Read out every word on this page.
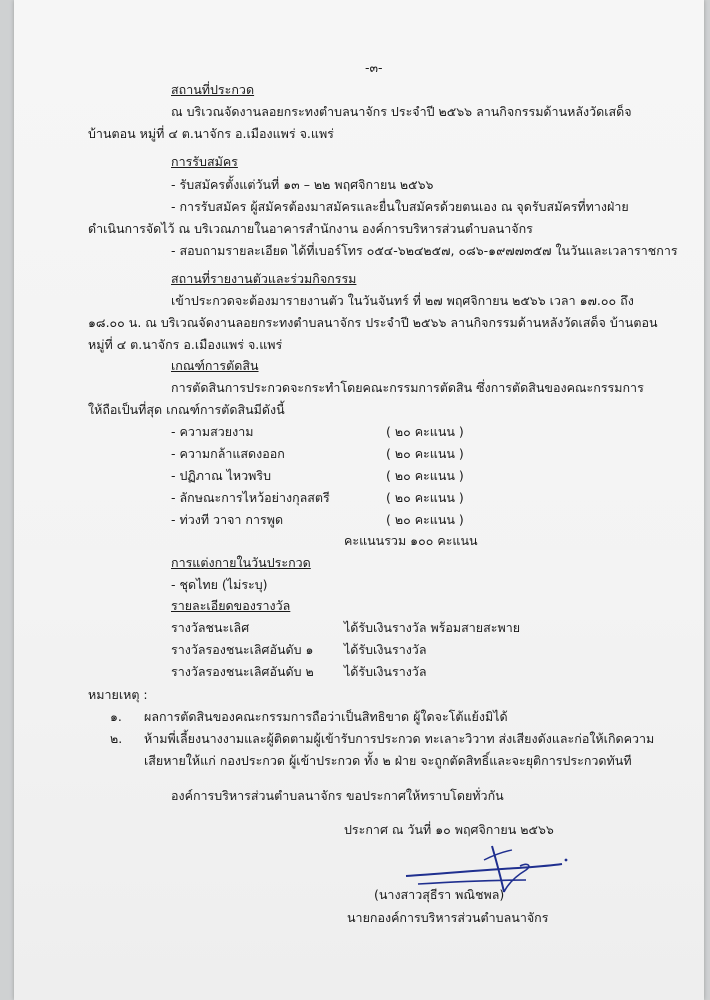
-๓-
สถานที่ประกวด
ณ บริเวณจัดงานลอยกระทงตำบลนาจักร ประจำปี ๒๕๖๖ ลานกิจกรรมด้านหลังวัดเสด็จ
บ้านตอน หมู่ที่ ๔ ต.นาจักร อ.เมืองแพร่ จ.แพร่
การรับสมัคร
- รับสมัครตั้งแต่วันที่ ๑๓ – ๒๒ พฤศจิกายน ๒๕๖๖
- การรับสมัคร ผู้สมัครต้องมาสมัครและยื่นใบสมัครด้วยตนเอง ณ จุดรับสมัครที่ทางฝ่าย
ดำเนินการจัดไว้ ณ บริเวณภายในอาคารสำนักงาน องค์การบริหารส่วนตำบลนาจักร
- สอบถามรายละเอียด ได้ที่เบอร์โทร ๐๕๔-๖๒๔๒๕๗, ๐๘๖-๑๙๗๗๓๕๗ ในวันและเวลาราชการ
สถานที่รายงานตัวและร่วมกิจกรรม
เข้าประกวดจะต้องมารายงานตัว ในวันจันทร์ ที่ ๒๗ พฤศจิกายน ๒๕๖๖ เวลา ๑๗.๐๐ ถึง
๑๘.๐๐ น. ณ บริเวณจัดงานลอยกระทงตำบลนาจักร ประจำปี ๒๕๖๖ ลานกิจกรรมด้านหลังวัดเสด็จ บ้านตอน
หมู่ที่ ๔ ต.นาจักร อ.เมืองแพร่ จ.แพร่
เกณฑ์การตัดสิน
การตัดสินการประกวดจะกระทำโดยคณะกรรมการตัดสิน ซึ่งการตัดสินของคณะกรรมการ
ให้ถือเป็นที่สุด เกณฑ์การตัดสินมีดังนี้
- ความสวยงาม	( ๒๐ คะแนน )
- ความกล้าแสดงออก	( ๒๐ คะแนน )
- ปฏิภาณ ไหวพริบ	( ๒๐ คะแนน )
- ลักษณะการไหว้อย่างกุลสตรี	( ๒๐ คะแนน )
- ท่วงที วาจา การพูด	( ๒๐ คะแนน )
คะแนนรวม ๑๐๐ คะแนน
การแต่งกายในวันประกวด
- ชุดไทย (ไม่ระบุ)
รายละเอียดของรางวัล
รางวัลชนะเลิศ	ได้รับเงินรางวัล พร้อมสายสะพาย
รางวัลรองชนะเลิศอันดับ ๑ ได้รับเงินรางวัล
รางวัลรองชนะเลิศอันดับ ๒ ได้รับเงินรางวัล
หมายเหตุ :
๑. ผลการตัดสินของคณะกรรมการถือว่าเป็นสิทธิขาด ผู้ใดจะโต้แย้งมิได้
๒. ห้ามพี่เลี้ยงนางงามและผู้ติดตามผู้เข้ารับการประกวด ทะเลาะวิวาท ส่งเสียงดังและก่อให้เกิดความ
เสียหายให้แก่ กองประกวด ผู้เข้าประกวด ทั้ง ๒ ฝ่าย จะถูกตัดสิทธิ์และจะยุติการประกวดทันที
องค์การบริหารส่วนตำบลนาจักร ขอประกาศให้ทราบโดยทั่วกัน
ประกาศ ณ วันที่ ๑๐ พฤศจิกายน ๒๕๖๖
(นางสาวสุธีรา พณิชพล)
นายกองค์การบริหารส่วนตำบลนาจักร
